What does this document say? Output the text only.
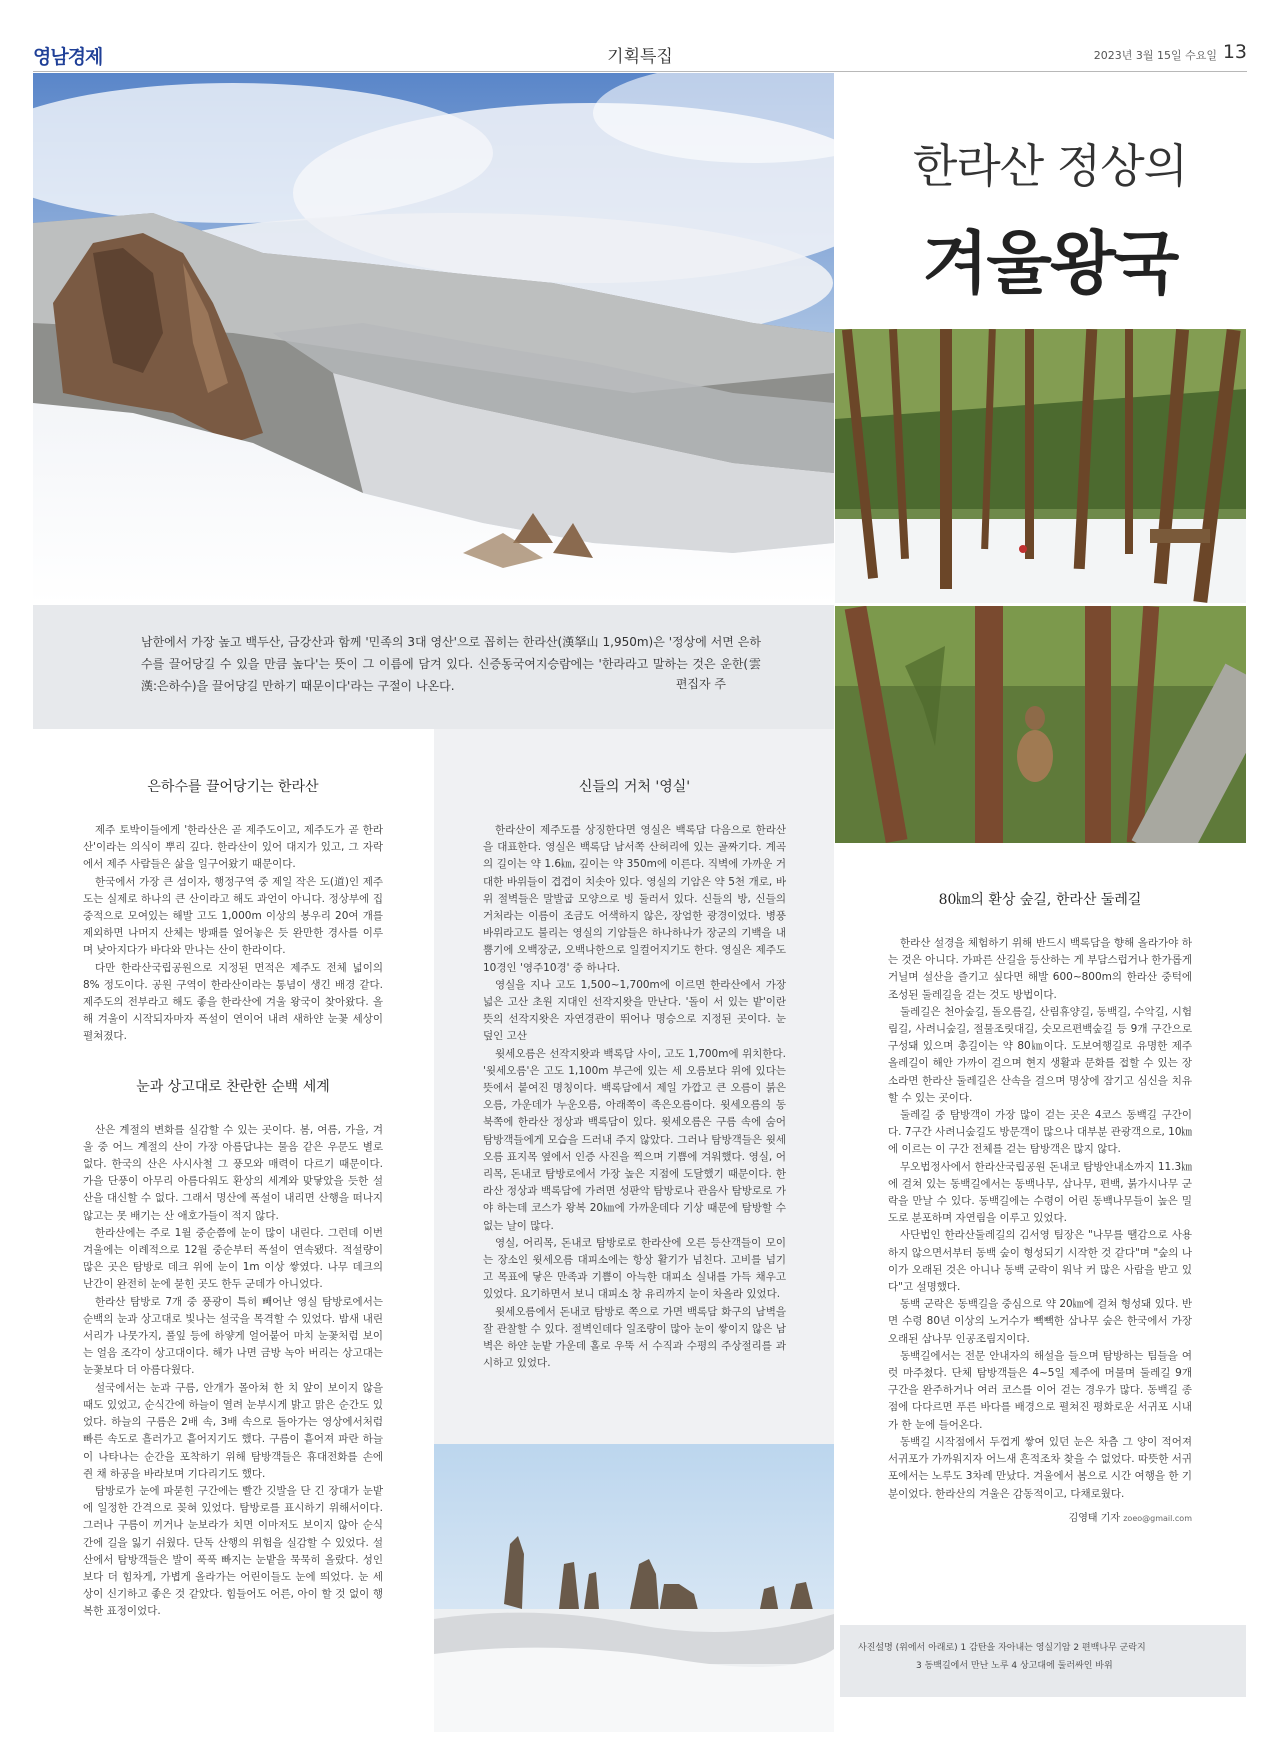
영남경제	기획특집	2023년 3월 15일 수요일 13
한라산 정상의
겨울왕국
남한에서 가장 높고 백두산, 금강산과 함께 '민족의 3대 영산'으로 꼽히는 한라산(漢拏山 1,950m)은 '정상에 서면 은하수를 끌어당길 수 있을 만큼 높다'는 뜻이 그 이름에 담겨 있다. 신증동국여지승람에는 '한라라고 말하는 것은 운한(雲漢:은하수)을 끌어당길 만하기 때문이다'라는 구절이 나온다.	편집자 주
은하수를 끌어당기는 한라산

제주 토박이들에게 '한라산은 곧 제주도이고, 제주도가 곧 한라산'이라는 의식이 뿌리 깊다. 한라산이 있어 대지가 있고, 그 자락에서 제주 사람들은 삶을 일구어왔기 때문이다.

한국에서 가장 큰 섬이자, 행정구역 중 제일 작은 도(道)인 제주도는 실제로 하나의 큰 산이라고 해도 과언이 아니다. 정상부에 집중적으로 모여있는 해발 고도 1,000m 이상의 봉우리 20여 개를 제외하면 나머지 산체는 방패를 엎어놓은 듯 완만한 경사를 이루며 낮아지다가 바다와 만나는 산이 한라이다.

다만 한라산국립공원으로 지정된 면적은 제주도 전체 넓이의 8% 정도이다. 공원 구역이 한라산이라는 통념이 생긴 배경 같다. 제주도의 전부라고 해도 좋을 한라산에 겨울 왕국이 찾아왔다. 올해 겨울이 시작되자마자 폭설이 연이어 내려 새하얀 눈꽃 세상이 펼쳐졌다.

눈과 상고대로 찬란한 순백 세계

산은 계절의 변화를 실감할 수 있는 곳이다. 봄, 여름, 가을, 겨울 중 어느 계절의 산이 가장 아름답냐는 물음 같은 우문도 별로 없다. 한국의 산은 사시사철 그 풍모와 매력이 다르기 때문이다. 가을 단풍이 아무리 아름다워도 환상의 세계와 맞닿았을 듯한 설산을 대신할 수 없다. 그래서 명산에 폭설이 내리면 산행을 떠나지 않고는 못 배기는 산 애호가들이 적지 않다.

한라산에는 주로 1월 중순쯤에 눈이 많이 내린다. 그런데 이번 겨울에는 이례적으로 12월 중순부터 폭설이 연속됐다. 적설량이 많은 곳은 탐방로 데크 위에 눈이 1m 이상 쌓였다. 나무 데크의 난간이 완전히 눈에 묻힌 곳도 한두 군데가 아니었다.

한라산 탐방로 7개 중 풍광이 특히 빼어난 영실 탐방로에서는 순백의 눈과 상고대로 빛나는 설국을 목격할 수 있었다. 밤새 내린 서리가 나뭇가지, 풀잎 등에 하얗게 얼어붙어 마치 눈꽃처럼 보이는 얼음 조각이 상고대이다. 해가 나면 금방 녹아 버리는 상고대는 눈꽃보다 더 아름다웠다.

설국에서는 눈과 구름, 안개가 몰아쳐 한 치 앞이 보이지 않을 때도 있었고, 순식간에 하늘이 열려 눈부시게 밝고 맑은 순간도 있었다. 하늘의 구름은 2배 속, 3배 속으로 돌아가는 영상에서처럼 빠른 속도로 흘러가고 흩어지기도 했다. 구름이 흩어져 파란 하늘이 나타나는 순간을 포착하기 위해 탐방객들은 휴대전화를 손에 쥔 채 하공을 바라보며 기다리기도 했다.

탐방로가 눈에 파묻힌 구간에는 빨간 깃발을 단 긴 장대가 눈밭에 일정한 간격으로 꽂혀 있었다. 탐방로를 표시하기 위해서이다. 그러나 구름이 끼거나 눈보라가 치면 이마저도 보이지 않아 순식간에 길을 잃기 쉬웠다. 단독 산행의 위험을 실감할 수 있었다. 설산에서 탐방객들은 발이 푹푹 빠지는 눈밭을 묵묵히 올랐다. 성인보다 더 힘차게, 가볍게 올라가는 어린이들도 눈에 띄었다. 눈 세상이 신기하고 좋은 것 같았다. 힘들어도 어른, 아이 할 것 없이 행복한 표정이었다.

신들의 거처 '영실'

한라산이 제주도를 상징한다면 영실은 백록담 다음으로 한라산을 대표한다. 영실은 백록담 남서쪽 산허리에 있는 골짜기다. 계곡의 길이는 약 1.6㎞, 깊이는 약 350m에 이른다. 직벽에 가까운 거대한 바위들이 겹겹이 치솟아 있다. 영실의 기암은 약 5천 개로, 바위 절벽들은 말발굽 모양으로 빙 둘러서 있다. 신들의 방, 신들의 거처라는 이름이 조금도 어색하지 않은, 장엄한 광경이었다. 병풍바위라고도 불리는 영실의 기암들은 하나하나가 장군의 기백을 내뿜기에 오백장군, 오백나한으로 일컬어지기도 한다. 영실은 제주도 10경인 '영주10경' 중 하나다.

영실을 지나 고도 1,500~1,700m에 이르면 한라산에서 가장 넓은 고산 초원 지대인 선작지왓을 만난다. '돌이 서 있는 밭'이란 뜻의 선작지왓은 자연경관이 뛰어나 명승으로 지정된 곳이다. 눈 덮인 고산

윗세오름은 선작지왓과 백록담 사이, 고도 1,700m에 위치한다. '윗세오름'은 고도 1,100m 부근에 있는 세 오름보다 위에 있다는 뜻에서 붙여진 명칭이다. 백록담에서 제일 가깝고 큰 오름이 붉은오름, 가운데가 누운오름, 아래쪽이 족은오름이다. 윗세오름의 동북쪽에 한라산 정상과 백록담이 있다. 윗세오름은 구름 속에 숨어 탐방객들에게 모습을 드러내 주지 않았다. 그러나 탐방객들은 윗세오름 표지목 옆에서 인증 사진을 찍으며 기쁨에 겨워했다. 영실, 어리목, 돈내코 탐방로에서 가장 높은 지점에 도달했기 때문이다. 한라산 정상과 백록담에 가려면 성판악 탐방로나 관음사 탐방로로 가야 하는데 코스가 왕복 20㎞에 가까운데다 기상 때문에 탐방할 수 없는 날이 많다.

영실, 어리목, 돈내코 탐방로로 한라산에 오른 등산객들이 모이는 장소인 윗세오름 대피소에는 항상 활기가 넘친다. 고비를 넘기고 목표에 닿은 만족과 기쁨이 아늑한 대피소 실내를 가득 채우고 있었다. 요기하면서 보니 대피소 창 유리까지 눈이 차올라 있었다.

윗세오름에서 돈내코 탐방로 쪽으로 가면 백록담 화구의 남벽을 잘 관찰할 수 있다. 절벽인데다 일조량이 많아 눈이 쌓이지 않은 남벽은 하얀 눈밭 가운데 홀로 우뚝 서 수직과 수평의 주상절리를 과시하고 있었다.

80㎞의 환상 숲길, 한라산 둘레길

한라산 설경을 체험하기 위해 반드시 백록담을 향해 올라가야 하는 것은 아니다. 가파른 산길을 등산하는 게 부담스럽거나 한가롭게 거닐며 설산을 즐기고 싶다면 해발 600~800m의 한라산 중턱에 조성된 둘레길을 걷는 것도 방법이다.

둘레길은 천아숲길, 돌오름길, 산림휴양길, 동백길, 수악길, 시험림길, 사려니숲길, 절물조릿대길, 숫모르편백숲길 등 9개 구간으로 구성돼 있으며 총길이는 약 80㎞이다. 도보여행길로 유명한 제주올레길이 해안 가까이 걸으며 현지 생활과 문화를 접할 수 있는 장소라면 한라산 둘레길은 산속을 걸으며 명상에 잠기고 심신을 치유할 수 있는 곳이다.

둘레길 중 탐방객이 가장 많이 걷는 곳은 4코스 동백길 구간이다. 7구간 사려니숲길도 방문객이 많으나 대부분 관광객으로, 10㎞에 이르는 이 구간 전체를 걷는 탐방객은 많지 않다.

무오법정사에서 한라산국립공원 돈내코 탐방안내소까지 11.3㎞에 걸쳐 있는 동백길에서는 동백나무, 삼나무, 편백, 붉가시나무 군락을 만날 수 있다. 동백길에는 수령이 어린 동백나무들이 높은 밀도로 분포하며 자연림을 이루고 있었다.

사단법인 한라산둘레길의 김서영 팀장은 "나무를 땔감으로 사용하지 않으면서부터 동백 숲이 형성되기 시작한 것 같다"며 "숲의 나이가 오래된 것은 아니나 동백 군락이 워낙 커 많은 사람을 받고 있다"고 설명했다.

동백 군락은 동백길을 중심으로 약 20㎞에 걸쳐 형성돼 있다. 반면 수령 80년 이상의 노거수가 빽빽한 삼나무 숲은 한국에서 가장 오래된 삼나무 인공조림지이다.

동백길에서는 전문 안내자의 해설을 들으며 탐방하는 팀들을 여럿 마주쳤다. 단체 탐방객들은 4~5일 제주에 머물며 둘레길 9개 구간을 완주하거나 여러 코스를 이어 걷는 경우가 많다. 동백길 종점에 다다르면 푸른 바다를 배경으로 펼쳐진 평화로운 서귀포 시내가 한 눈에 들어온다.

동백길 시작점에서 두껍게 쌓여 있던 눈은 차츰 그 양이 적어져 서귀포가 가까워지자 어느새 흔적조차 찾을 수 없었다. 따뜻한 서귀포에서는 노루도 3차례 만났다. 겨울에서 봄으로 시간 여행을 한 기분이었다. 한라산의 겨울은 감동적이고, 다채로웠다.

김영태 기자 zoeo@gmail.com
사진설명 (위에서 아래로) 1 감탄을 자아내는 영실기암 2 편백나무 군락지
3 동백길에서 만난 노루 4 상고대에 둘러싸인 바위
